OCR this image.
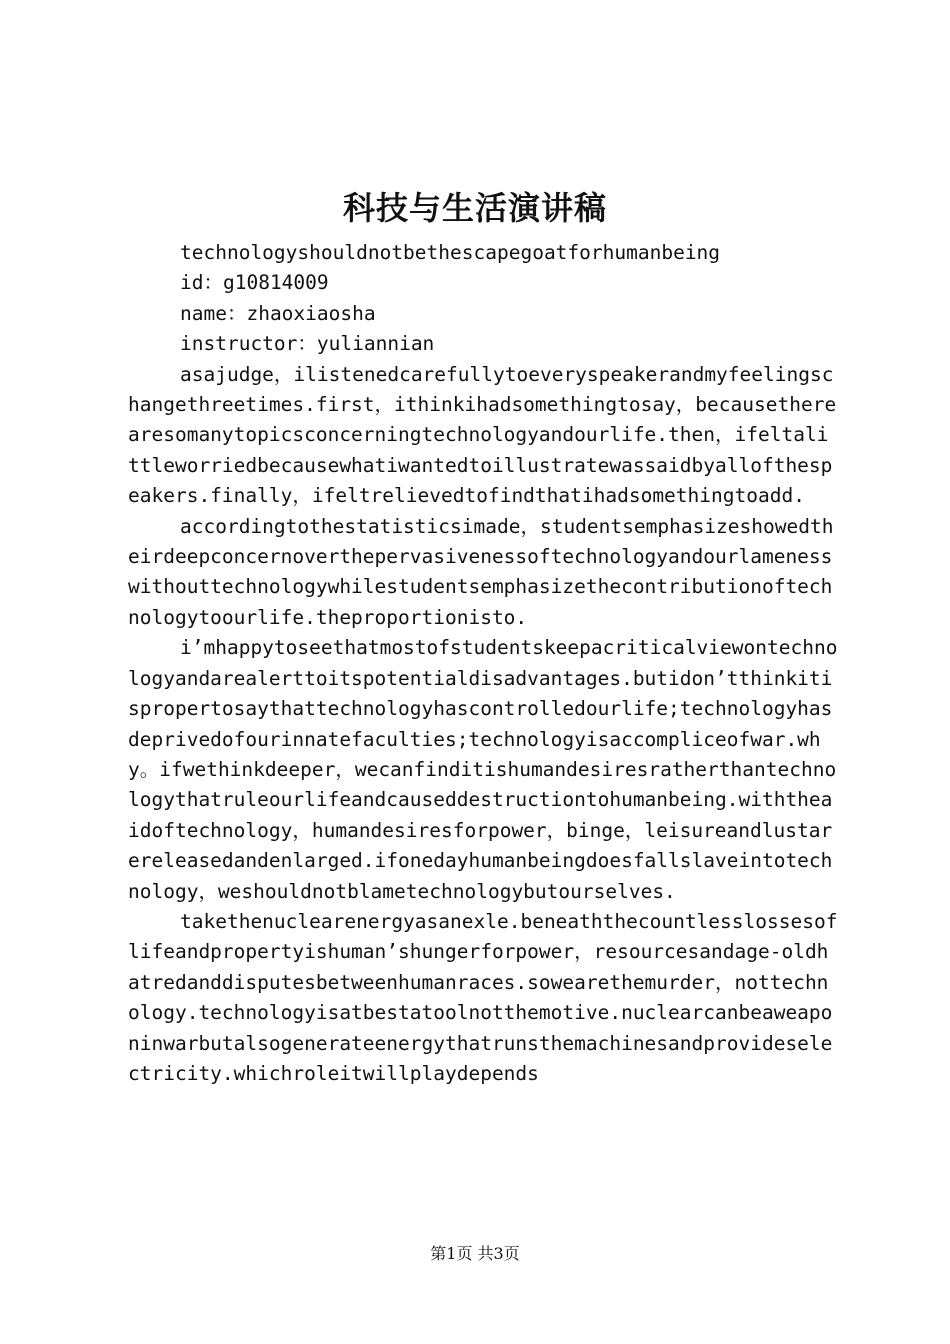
科技与生活演讲稿

technologyshouldnotbethescapegoatforhumanbeing

id：g10814009

name：zhaoxiaosha

instructor：yuliannian

asajudge，ilistenedcarefullytoeveryspeakerandmyfeelingschangethreetimes.first，ithinkihadsomethingtosay，becausetherearesomanytopicsconcerningtechnologyandourlife.then，ifeltalittleworriedbecausewhatiwantedtoillustratewassaidbyallofthespeakers.finally，ifeltrelievedtofindthatihadsomethingtoadd.

accordingtothestatisticsimade，studentsemphasizeshowedtheirdeepconcernoverthepervasivenessoftechnologyandourlamenesswithouttechnologywhilestudentsemphasizethecontributionoftechnologytoourlife.theproportionisto.

i’mhappytoseethatmostofstudentskeepacriticalviewontechnologyandarealerttoitspotentialdisadvantages.butidon’tthinkitispropertosaythattechnologyhascontrolledourlife;technologyhasdeprivedofourinnatefaculties;technologyisaccompliceofwar.why。ifwethinkdeeper，wecanfinditishumandesiresratherthantechnologythatruleourlifeandcauseddestructiontohumanbeing.withtheaidoftechnology，humandesiresforpower，binge，leisureandlustarereleasedandenlarged.ifonedayhumanbeingdoesfallslaveintotechnology，weshouldnotblametechnologybutourselves.

takethenuclearenergyasanexle.beneaththecountlesslossesoflifeandpropertyishuman’shungerforpower，resourcesandage-oldhatredanddisputesbetweenhumanraces.sowearethemurder，nottechnology.technologyisatbestatoolnotthemotive.nuclearcanbeaweaponinwarbutalsogenerateenergythatrunsthemachinesandprovideselectricity.whichroleitwillplaydepends

第1页 共3页
